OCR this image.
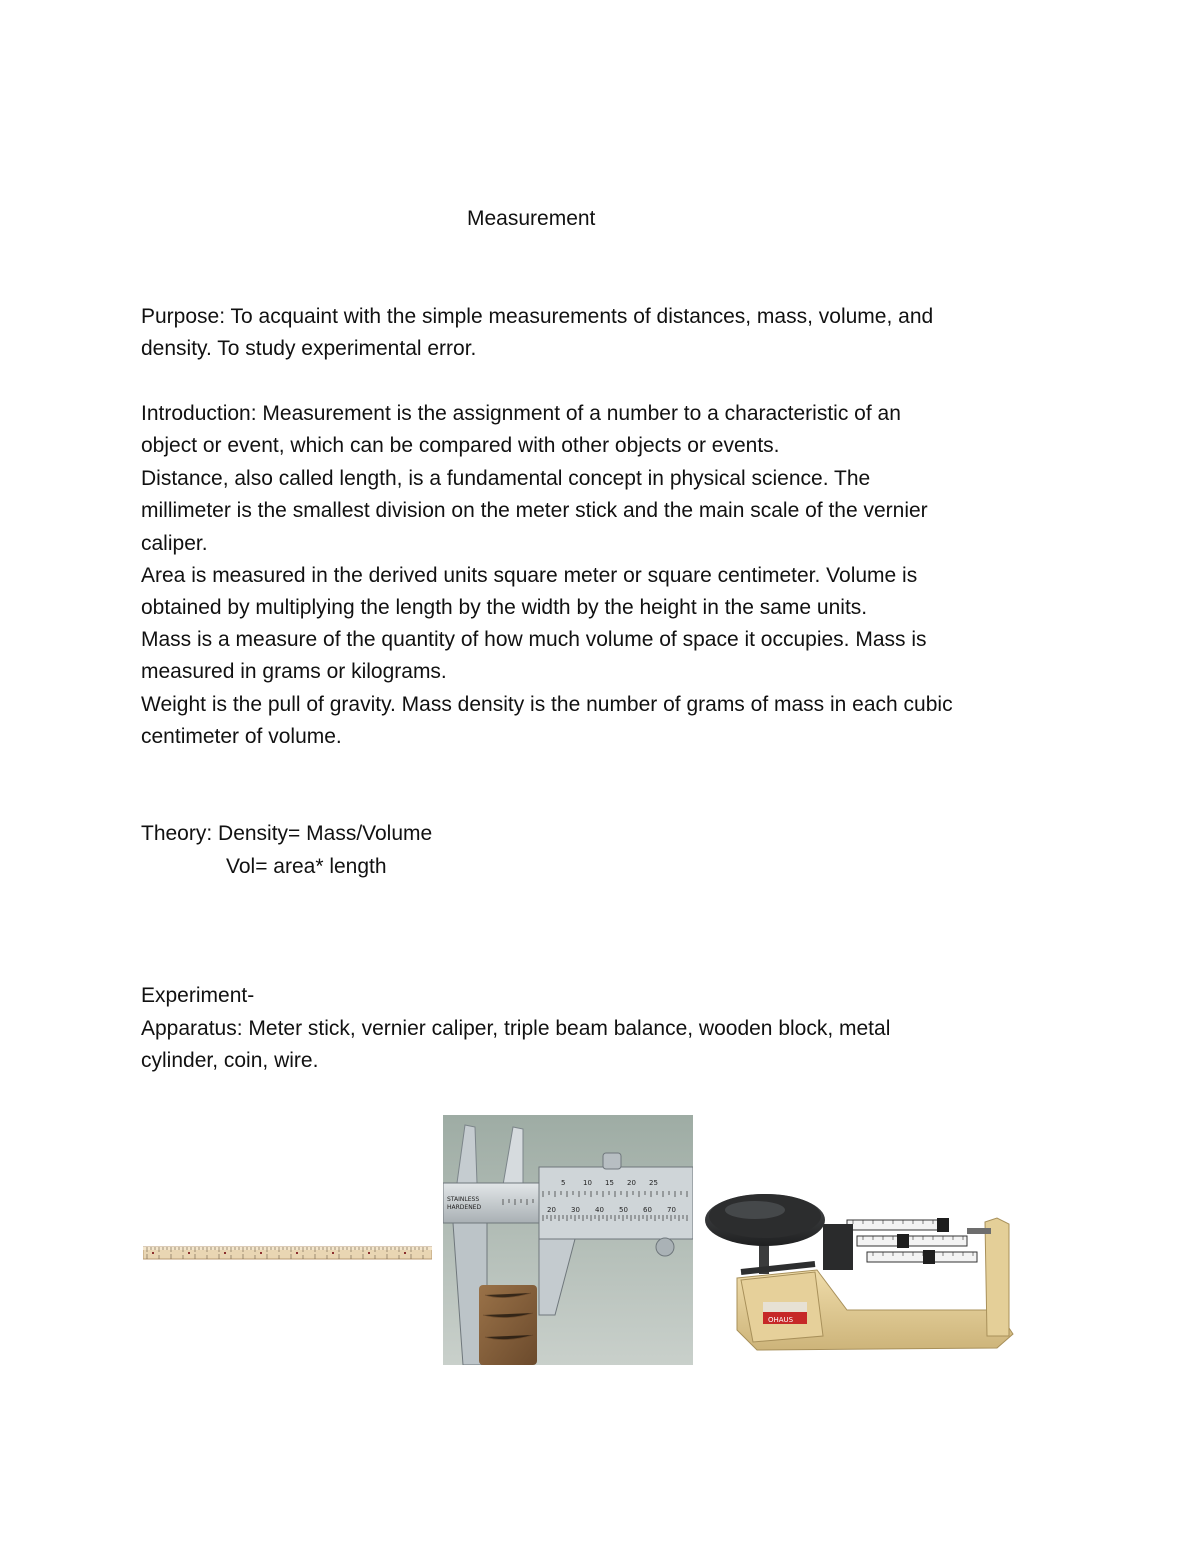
Measurement

Purpose: To acquaint with the simple measurements of distances, mass, volume, and

density. To study experimental error.

Introduction: Measurement is the assignment of a number to a characteristic of an

object or event, which can be compared with other objects or events.

Distance, also called length, is a fundamental concept in physical science. The

millimeter is the smallest division on the meter stick and the main scale of the vernier

caliper.

Area is measured in the derived units square meter or square centimeter. Volume is

obtained by multiplying the length by the width by the height in the same units.

Mass is a measure of the quantity of how much volume of space it occupies. Mass is

measured in grams or kilograms.

Weight is the pull of gravity. Mass density is the number of grams of mass in each cubic

centimeter of volume.

Theory: Density= Mass/Volume

Vol= area* length

Experiment-

Apparatus: Meter stick, vernier caliper, triple beam balance, wooden block, metal

cylinder, coin, wire.

5	10 15 20 25
20 30 40 50 60 70
STAINLESS
HARDENED
OHAUS
